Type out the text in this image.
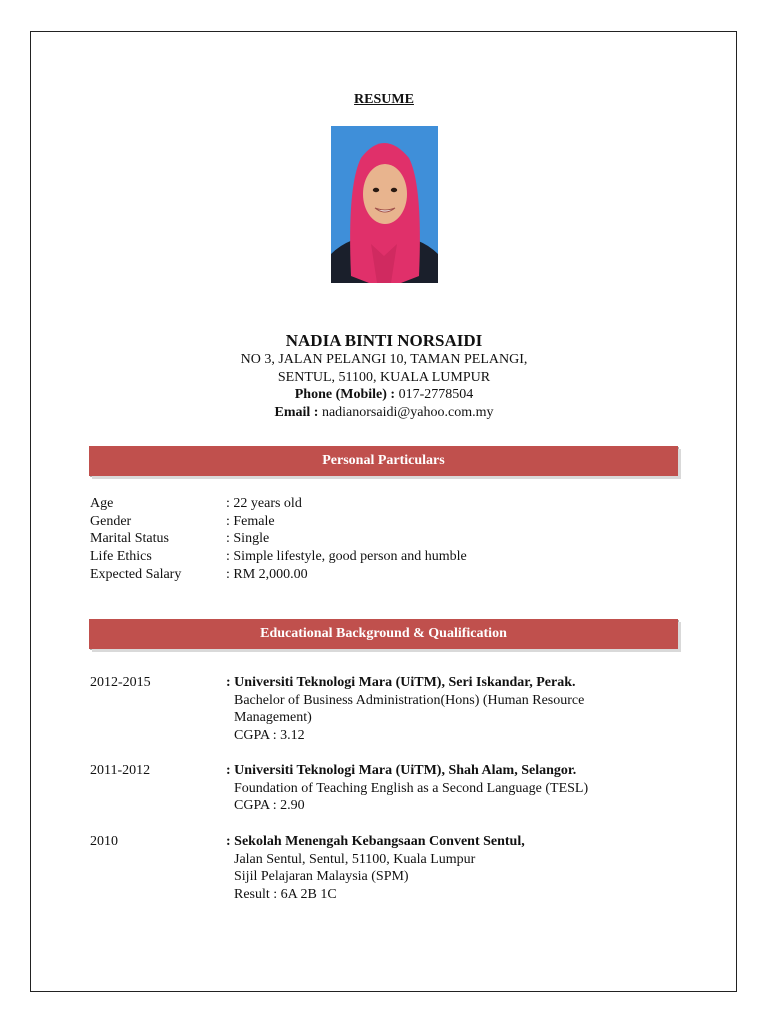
RESUME
NADIA BINTI NORSAIDI
NO 3, JALAN PELANGI 10, TAMAN PELANGI,
SENTUL, 51100, KUALA LUMPUR
Phone (Mobile) : 017-2778504
Email : nadianorsaidi@yahoo.com.my
Personal Particulars
Age	: 22 years old
Gender	: Female
Marital Status	: Single
Life Ethics	: Simple lifestyle, good person and humble
Expected Salary	: RM 2,000.00
Educational Background & Qualification
2012-2015	: Universiti Teknologi Mara (UiTM), Seri Iskandar, Perak.
Bachelor of Business Administration(Hons) (Human Resource
Management)
CGPA : 3.12
2011-2012	: Universiti Teknologi Mara (UiTM), Shah Alam, Selangor.
Foundation of Teaching English as a Second Language (TESL)
CGPA : 2.90
2010	: Sekolah Menengah Kebangsaan Convent Sentul,
Jalan Sentul, Sentul, 51100, Kuala Lumpur
Sijil Pelajaran Malaysia (SPM)
Result : 6A 2B 1C
